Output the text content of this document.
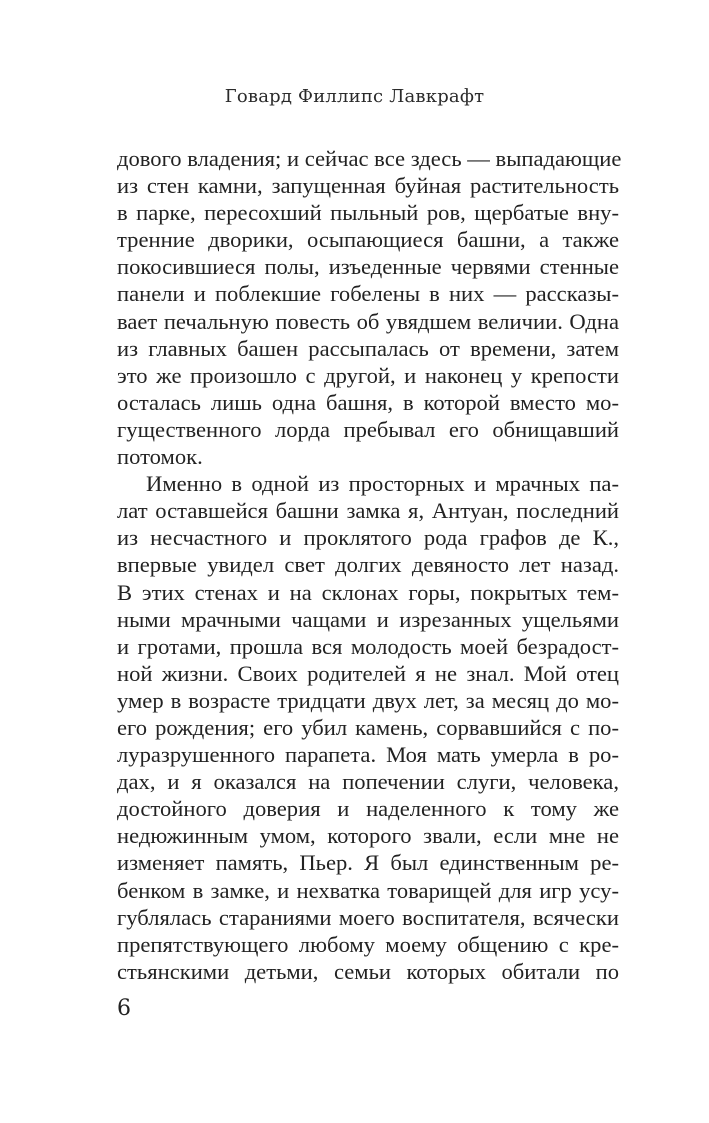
Говард Филлипс Лавкрафт
дового владения; и сейчас все здесь — выпадающие
из стен камни, запущенная буйная растительность
в парке, пересохший пыльный ров, щербатые вну-
тренние дворики, осыпающиеся башни, а также
покосившиеся полы, изъеденные червями стенные
панели и поблекшие гобелены в них — рассказы-
вает печальную повесть об увядшем величии. Одна
из главных башен рассыпалась от времени, затем
это же произошло с другой, и наконец у крепости
осталась лишь одна башня, в которой вместо мо-
гущественного лорда пребывал его обнищавший
потомок.
Именно в одной из просторных и мрачных па-
лат оставшейся башни замка я, Антуан, последний
из несчастного и проклятого рода графов де К.,
впервые увидел свет долгих девяносто лет назад.
В этих стенах и на склонах горы, покрытых тем-
ными мрачными чащами и изрезанных ущельями
и гротами, прошла вся молодость моей безрадост-
ной жизни. Своих родителей я не знал. Мой отец
умер в возрасте тридцати двух лет, за месяц до мо-
его рождения; его убил камень, сорвавшийся с по-
луразрушенного парапета. Моя мать умерла в ро-
дах, и я оказался на попечении слуги, человека,
достойного доверия и наделенного к тому же
недюжинным умом, которого звали, если мне не
изменяет память, Пьер. Я был единственным ре-
бенком в замке, и нехватка товарищей для игр усу-
гублялась стараниями моего воспитателя, всячески
препятствующего любому моему общению с кре-
стьянскими детьми, семьи которых обитали по
6
